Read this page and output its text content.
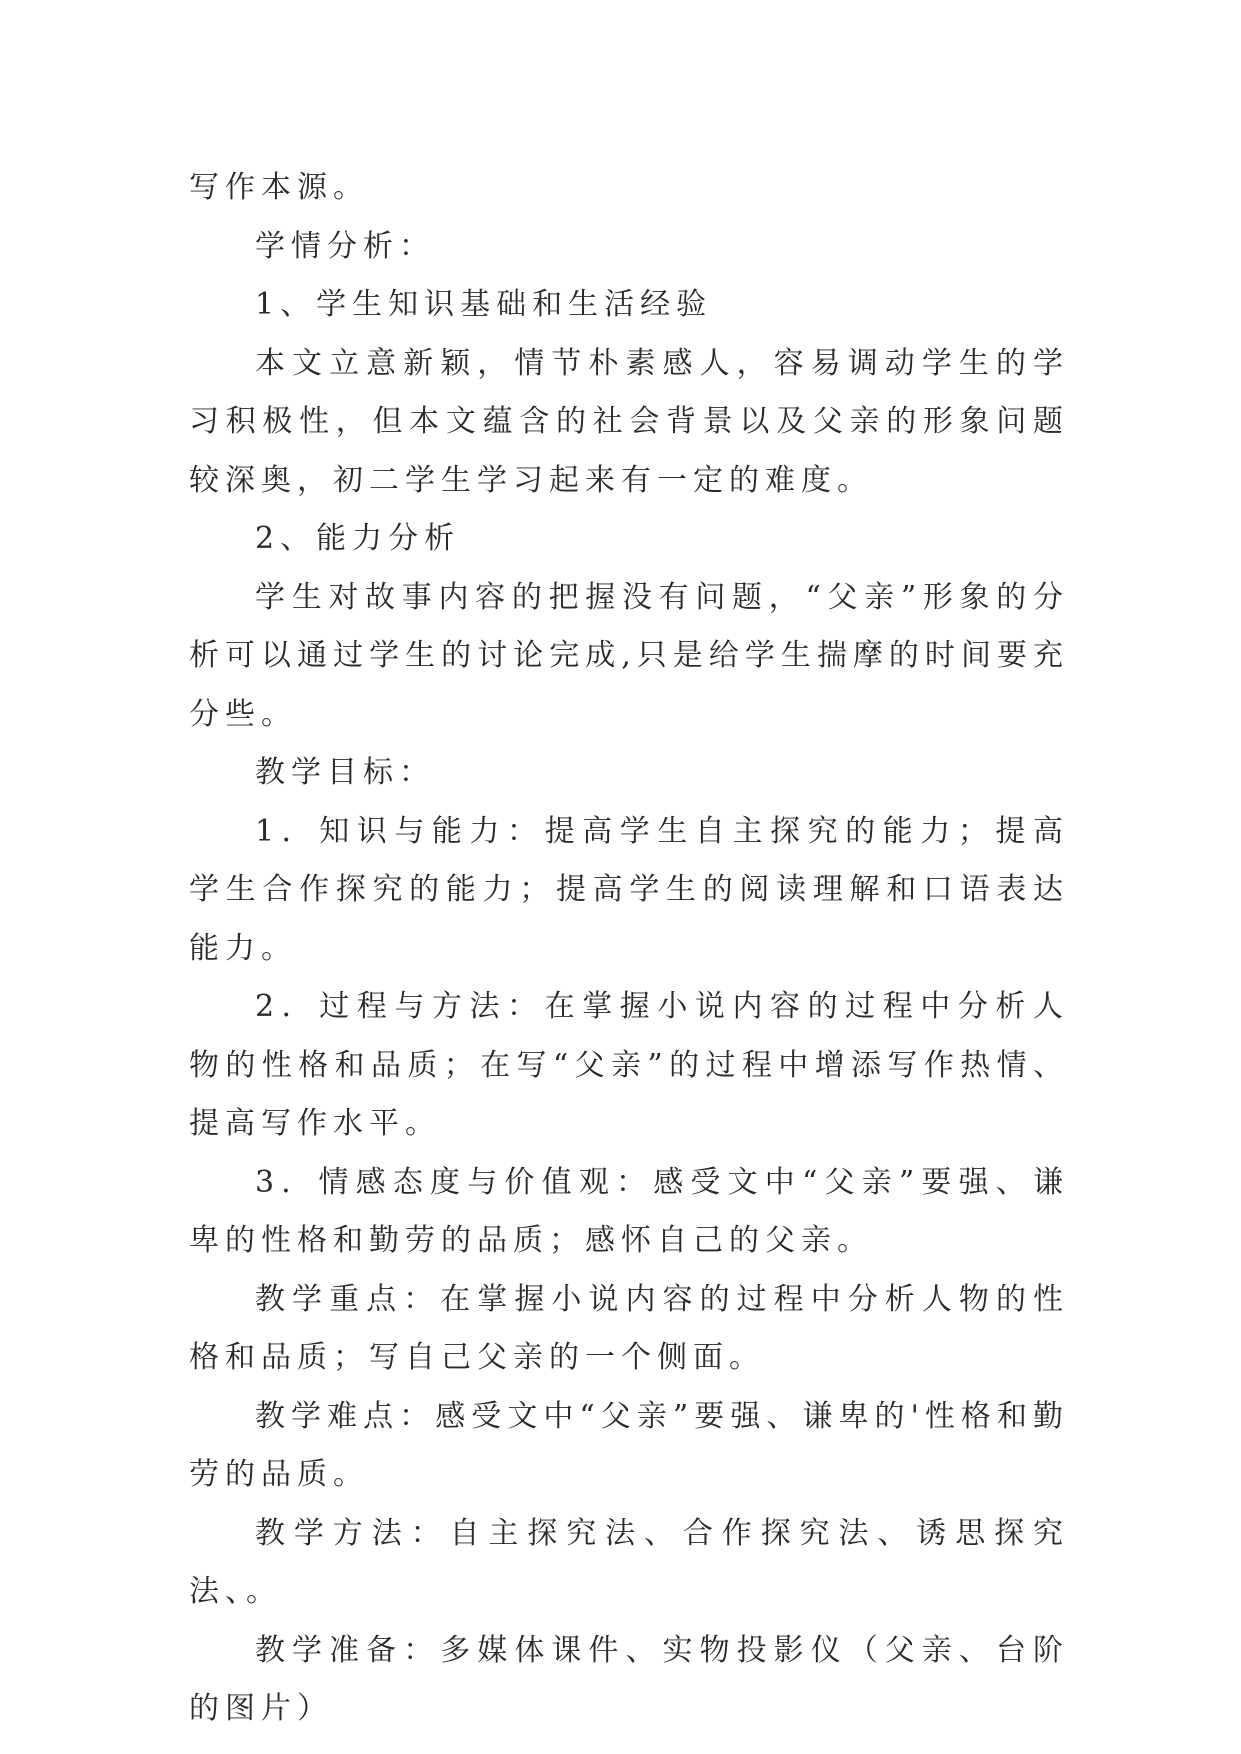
写作本源。

学情分析：

1、学生知识基础和生活经验

本文立意新颖，情节朴素感人，容易调动学生的学习积极性，但本文蕴含的社会背景以及父亲的形象问题较深奥，初二学生学习起来有一定的难度。

2、能力分析

学生对故事内容的把握没有问题，“父亲”形象的分析可以通过学生的讨论完成,只是给学生揣摩的时间要充分些。

教学目标：

1．知识与能力：提高学生自主探究的能力；提高学生合作探究的能力；提高学生的阅读理解和口语表达能力。

2．过程与方法：在掌握小说内容的过程中分析人物的性格和品质；在写“父亲”的过程中增添写作热情、提高写作水平。

3．情感态度与价值观：感受文中“父亲”要强、谦卑的性格和勤劳的品质；感怀自己的父亲。

教学重点：在掌握小说内容的过程中分析人物的性格和品质；写自己父亲的一个侧面。

教学难点：感受文中“父亲”要强、谦卑的'性格和勤劳的品质。

教学方法：自主探究法、合作探究法、诱思探究法、。

教学准备：多媒体课件、实物投影仪（父亲、台阶的图片）
